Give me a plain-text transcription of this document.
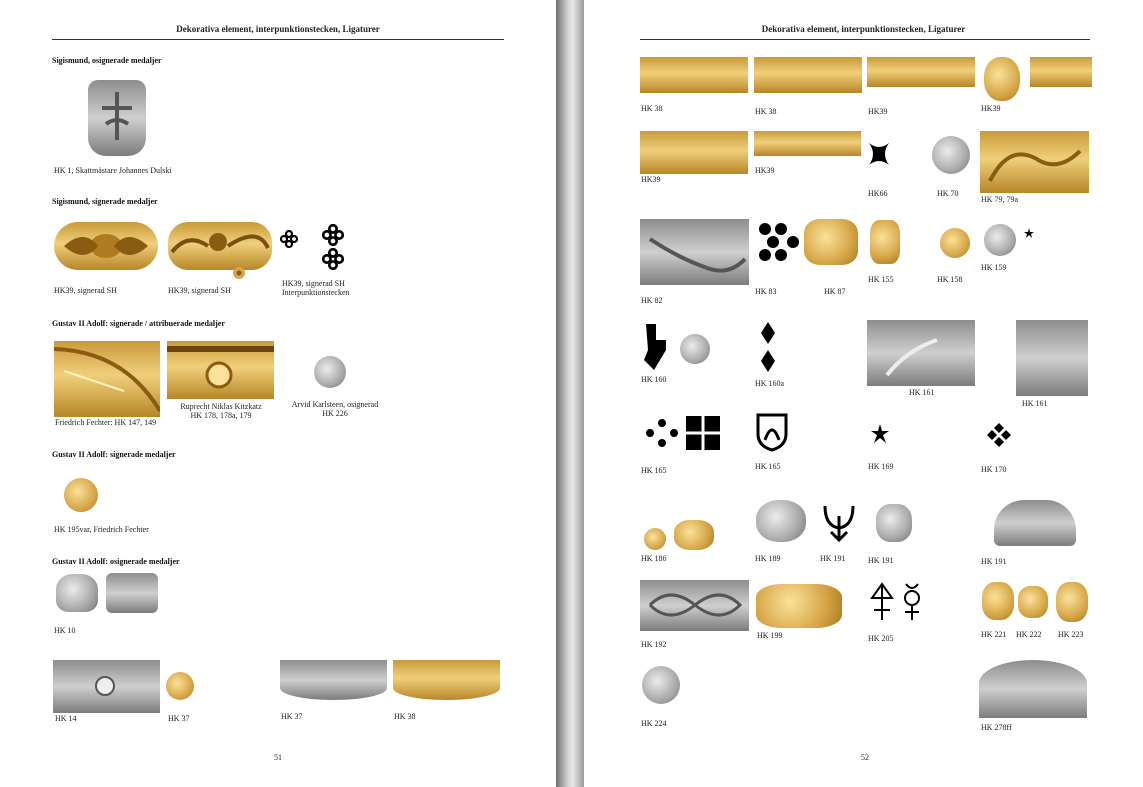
Dekorativa element, interpunktionstecken, Ligaturer
Sigismund, osignerade medaljer
HK 1, Skattmästare Johannes Dulski
Sigismund, signerade medaljer
HK39, signerad SH	HK39, signerad SH
HK39, signerad SH
Interpunktionstecken
Gustav II Adolf: signerade / attribuerade medaljer
Friedrich Fechter: HK 147, 149
Ruprecht Niklas Kitzkatz
HK 178, 178a, 179
Arvid Karlsteen, osignerad
HK 226
Gustav II Adolf: signerade medaljer
HK 195var, Friedrich Fechter
Gustav II Adolf: osignerade medaljer
HK 10
HK 14	HK 37	HK 37	HK 38
51
Dekorativa element, interpunktionstecken, Ligaturer
HK 38	HK 38	HK39	HK39
HK39
HK39
HK66	HK 70
HK 79, 79a
HK 82
HK 83	HK 87
HK 155	HK 158
HK 159
HK 160	HK 160a
HK 161
HK 161
HK 165	HK 165	HK 169	HK 170
HK 186	HK 189	HK 191	HK 191	HK 191
HK 192
HK 199	HK 205	HK 221 HK 222 HK 223
HK 224	HK 278ff
52
